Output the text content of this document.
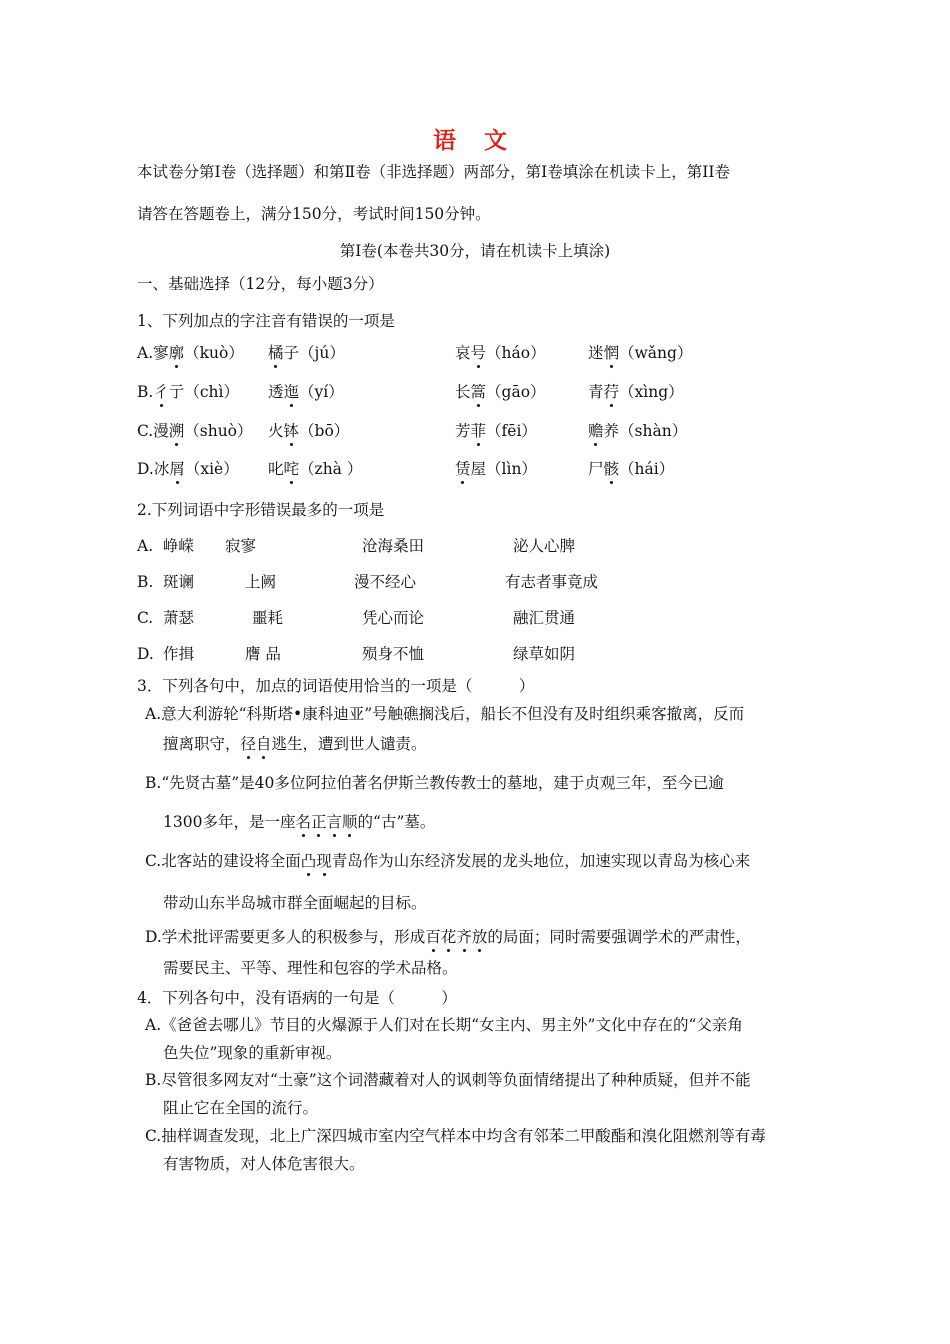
语 文
本试卷分第Ⅰ卷（选择题）和第Ⅱ卷（非选择题）两部分，第Ⅰ卷填涂在机读卡上，第II卷
请答在答题卷上，满分150分，考试时间150分钟。
第Ⅰ卷(本卷共30分，请在机读卡上填涂)
一、基础选择（12分，每小题3分）
1、下列加点的字注音有错误的一项是
A.寥廓（kuò） 橘子（jú）	哀号（háo）	迷惘（wǎng）
B.彳亍（chì） 透迤（yí）	长篙（gāo）	青荇（xìng）
C.漫溯（shuò） 火钵（bō）	芳菲（fēi）	赡养（shàn）
D.冰屑（xiè） 叱咤（zhà ）	赁屋（lìn）	尸骸（hái）
2.下列词语中字形错误最多的一项是
A. 峥嵘 寂寥	沧海桑田	泌人心脾
B. 斑谰	上阙	漫不经心	有志者事竟成
C. 萧瑟	噩耗	凭心而论	融汇贯通
D. 作揖	膺 品	殒身不恤	绿草如阴
3．下列各句中，加点的词语使用恰当的一项是（　　　）
A.意大利游轮“科斯塔•康科迪亚”号触礁搁浅后，船长不但没有及时组织乘客撤离，反而
擅离职守，径自逃生，遭到世人谴责。
B.“先贤古墓”是40多位阿拉伯著名伊斯兰教传教士的墓地，建于贞观三年，至今已逾
1300多年，是一座名正言顺的“古”墓。
C.北客站的建设将全面凸现青岛作为山东经济发展的龙头地位，加速实现以青岛为核心来
带动山东半岛城市群全面崛起的目标。
D.学术批评需要更多人的积极参与，形成百花齐放的局面；同时需要强调学术的严肃性，
需要民主、平等、理性和包容的学术品格。
4．下列各句中，没有语病的一句是（　　　）
A.《爸爸去哪儿》节目的火爆源于人们对在长期“女主内、男主外”文化中存在的“父亲角
色失位”现象的重新审视。
B.尽管很多网友对“土豪”这个词潜藏着对人的讽刺等负面情绪提出了种种质疑，但并不能
阻止它在全国的流行。
C.抽样调查发现，北上广深四城市室内空气样本中均含有邻苯二甲酸酯和溴化阻燃剂等有毒
有害物质，对人体危害很大。
